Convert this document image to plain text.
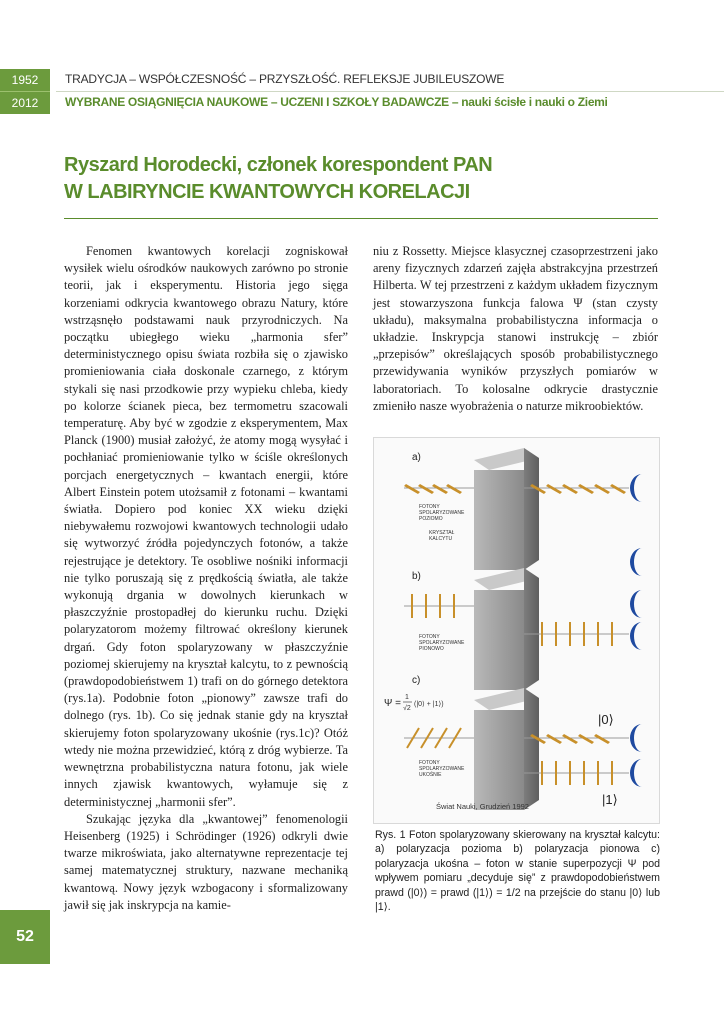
1952
2012
52
TRADYCJA – WSPÓŁCZESNOŚĆ – PRZYSZŁOŚĆ. REFLEKSJE JUBILEUSZOWE
WYBRANE OSIĄGNIĘCIA NAUKOWE – UCZENI I SZKOŁY BADAWCZE – nauki ścisłe i nauki o Ziemi
Ryszard Horodecki, członek korespondent PAN
W LABIRYNCIE KWANTOWYCH KORELACJI

Fenomen kwantowych korelacji zogniskował wysiłek wielu ośrodków naukowych zarówno po stronie teorii, jak i eksperymentu. Historia jego sięga korzeniami odkrycia kwantowego obrazu Natury, które wstrząsnęło podstawami nauk przyrodniczych. Na początku ubiegłego wieku „harmonia sfer” deterministycznego opisu świata rozbiła się o zjawisko promieniowania ciała doskonale czarnego, z którym stykali się nasi przodkowie przy wypieku chleba, kiedy po kolorze ścianek pieca, bez termometru szacowali temperaturę. Aby być w zgodzie z eksperymentem, Max Planck (1900) musiał założyć, że atomy mogą wysyłać i pochłaniać promieniowanie tylko w ściśle określonych porcjach energetycznych – kwantach energii, które Albert Einstein potem utożsamił z fotonami – kwantami światła. Dopiero pod koniec XX wieku dzięki niebywałemu rozwojowi kwantowych technologii udało się wytworzyć źródła pojedynczych fotonów, a także rejestrujące je detektory. Te osobliwe nośniki informacji nie tylko poruszają się z prędkością światła, ale także wykonują drgania w dowolnych kierunkach w płaszczyźnie prostopadłej do kierunku ruchu. Dzięki polaryzatorom możemy filtrować określony kierunek drgań. Gdy foton spolaryzowany w płaszczyźnie poziomej skierujemy na kryształ kalcytu, to z pewnością (prawdopodobieństwem 1) trafi on do górnego detektora (rys.1a). Podobnie foton „pionowy” zawsze trafi do dolnego (rys. 1b). Co się jednak stanie gdy na kryształ skierujemy foton spolaryzowany ukośnie (rys.1c)? Otóż wtedy nie można przewidzieć, którą z dróg wybierze. Ta wewnętrzna probabilistyczna natura fotonu, jak wiele innych zjawisk kwantowych, wyłamuje się z deterministycznej „harmonii sfer”.

Szukając języka dla „kwantowej” fenomenologii Heisenberg (1925) i Schrödinger (1926) odkryli dwie twarze mikroświata, jako alternatywne reprezentacje tej samej matematycznej struktury, nazwane mechaniką kwantową. Nowy język wzbogacony i sformalizowany jawił się jak inskrypcja na kamie-

niu z Rossetty. Miejsce klasycznej czasoprzestrzeni jako areny fizycznych zdarzeń zajęła abstrakcyjna przestrzeń Hilberta. W tej przestrzeni z każdym układem fizycznym jest stowarzyszona funkcja falowa Ψ (stan czysty układu), maksymalna probabilistyczna informacja o układzie. Inskrypcja stanowi instrukcję – zbiór „przepisów” określających sposób probabilistycznego przewidywania wyników przyszłych pomiarów w laboratoriach. To kolosalne odkrycie drastycznie zmieniło nasze wyobrażenia o naturze mikroobiektów.

a)
FOTONY
SPOLARYZOWANE
POZIOMO
KRYSZTAŁ
KALCYTU
b)
FOTONY
SPOLARYZOWANE
PIONOWO
c)
Ψ =
1
√2
(|0⟩ + |1⟩)
|0⟩
|1⟩
FOTONY
SPOLARYZOWANE
UKOŚNIE
Świat Nauki, Grudzień 1992
Rys. 1 Foton spolaryzowany skierowany na kryształ kalcytu: a) polaryzacja pozioma b) polaryzacja pionowa c) polaryzacja ukośna – foton w stanie superpozycji Ψ pod wpływem pomiaru „decyduje się” z prawdopodobieństwem prawd (|0⟩) = prawd (|1⟩) = 1/2 na przejście do stanu |0⟩ lub |1⟩.
